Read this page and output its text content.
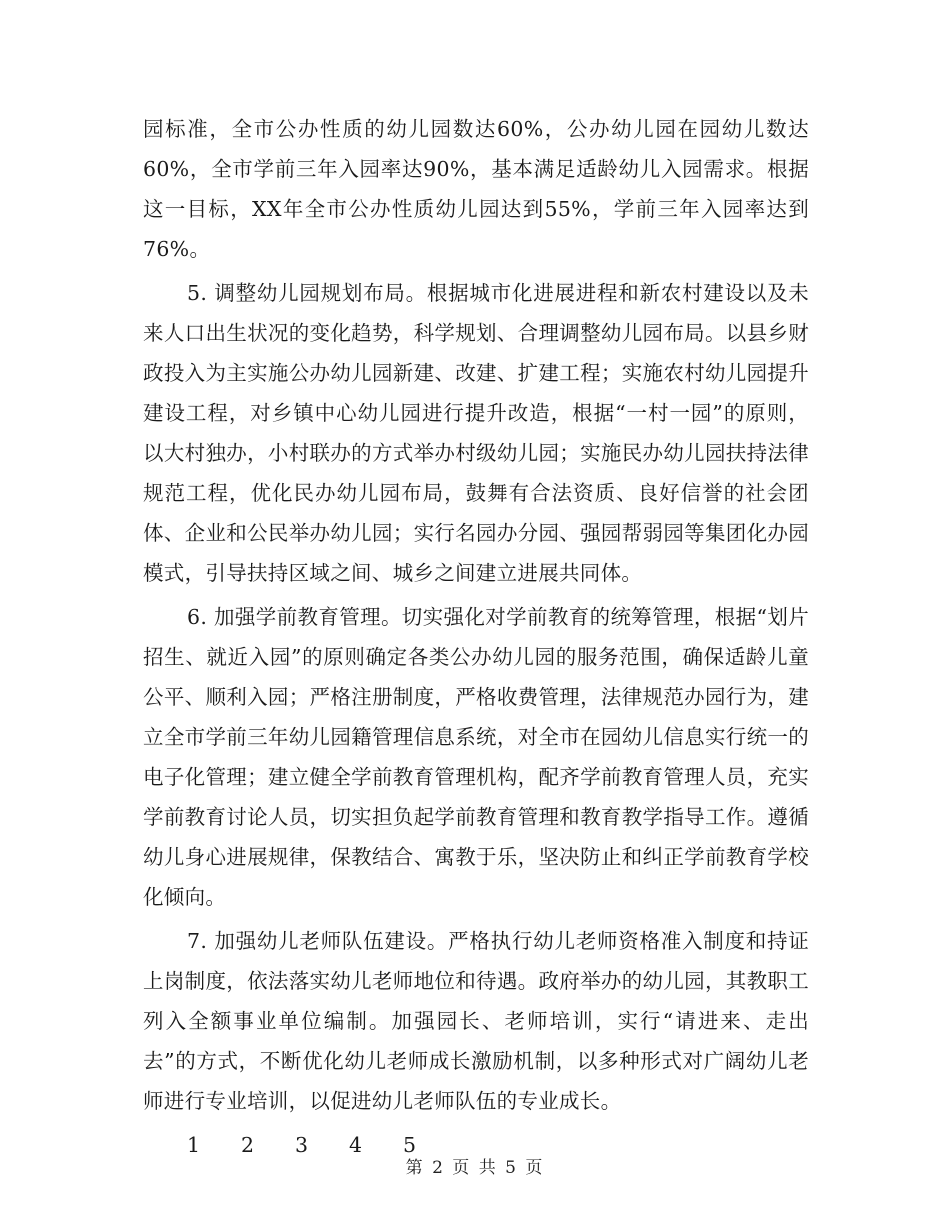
园标准，全市公办性质的幼儿园数达60%，公办幼儿园在园幼儿数达60%，全市学前三年入园率达90%，基本满足适龄幼儿入园需求。根据这一目标，XX年全市公办性质幼儿园达到55%，学前三年入园率达到76%。

5. 调整幼儿园规划布局。根据城市化进展进程和新农村建设以及未来人口出生状况的变化趋势，科学规划、合理调整幼儿园布局。以县乡财政投入为主实施公办幼儿园新建、改建、扩建工程；实施农村幼儿园提升建设工程，对乡镇中心幼儿园进行提升改造，根据“一村一园”的原则，以大村独办，小村联办的方式举办村级幼儿园；实施民办幼儿园扶持法律规范工程，优化民办幼儿园布局，鼓舞有合法资质、良好信誉的社会团体、企业和公民举办幼儿园；实行名园办分园、强园帮弱园等集团化办园模式，引导扶持区域之间、城乡之间建立进展共同体。

6. 加强学前教育管理。切实强化对学前教育的统筹管理，根据“划片招生、就近入园”的原则确定各类公办幼儿园的服务范围，确保适龄儿童公平、顺利入园；严格注册制度，严格收费管理，法律规范办园行为，建立全市学前三年幼儿园籍管理信息系统，对全市在园幼儿信息实行统一的电子化管理；建立健全学前教育管理机构，配齐学前教育管理人员，充实学前教育讨论人员，切实担负起学前教育管理和教育教学指导工作。遵循幼儿身心进展规律，保教结合、寓教于乐，坚决防止和纠正学前教育学校化倾向。

7. 加强幼儿老师队伍建设。严格执行幼儿老师资格准入制度和持证上岗制度，依法落实幼儿老师地位和待遇。政府举办的幼儿园，其教职工列入全额事业单位编制。加强园长、老师培训，实行“请进来、走出去”的方式，不断优化幼儿老师成长激励机制，以多种形式对广阔幼儿老师进行专业培训，以促进幼儿老师队伍的专业成长。

1	2	3	4	5
第 2 页 共 5 页
